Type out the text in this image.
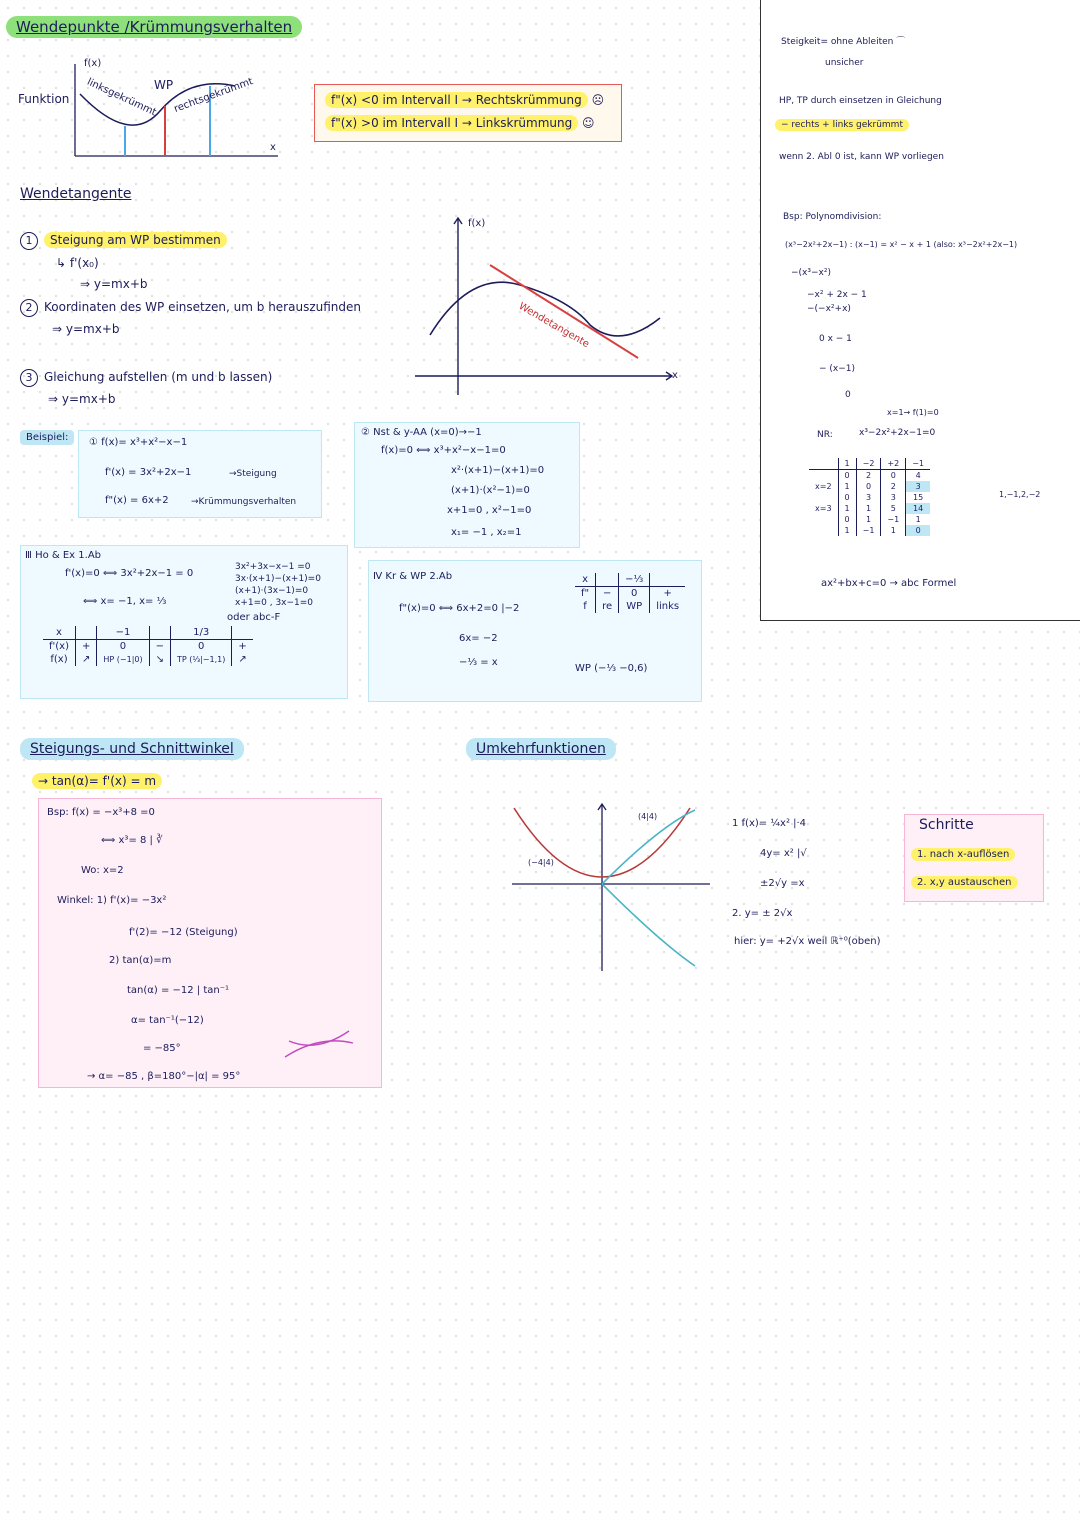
Wendepunkte /Krümmungsverhalten
Funktion
f(x)
WP
linksgekrümmt rechtsgekrümmt
x
f"(x) <0 im Intervall I → Rechtskrümmung ☹
f"(x) >0 im Intervall I → Linkskrümmung ☺
Wendetangente
1 Steigung am WP bestimmen
↳ f'(x₀)
⇒ y=mx+b
2 Koordinaten des WP einsetzen, um b herauszufinden
⇒ y=mx+b
3 Gleichung aufstellen (m und b lassen)
⇒ y=mx+b
f(x)
Wendetangente
x
Beispiel:	① f(x)= x³+x²−x−1
f'(x) = 3x²+2x−1	→Steigung
f"(x) = 6x+2 →Krümmungsverhalten
② Nst & y-AA (x=0)→−1
f(x)=0 ⟺ x³+x²−x−1=0
x²·(x+1)−(x+1)=0
(x+1)·(x²−1)=0
x+1=0 , x²−1=0
x₁= −1 , x₂=1
Ⅲ Ho & Ex 1.Ab
f'(x)=0 ⟺ 3x²+2x−1 = 0
⟺ x= −1, x= ⅓
3x²+3x−x−1 =0
3x·(x+1)−(x+1)=0
(x+1)·(3x−1)=0
x+1=0 , 3x−1=0
oder abc-F
x		−1		1/3	
f'(x)	+	0	−	0	+
f(x)	↗	HP (−1|0)	↘	TP (⅓|−1,1)	↗
Ⅳ Kr & WP 2.Ab
f"(x)=0 ⟺ 6x+2=0 |−2
6x= −2
−⅓ = x
WP (−⅓ −0,6)
x		−⅓	
f"	−	0	+
f	re	WP	links
Steigungs- und Schnittwinkel
→ tan(α)= f'(x) = m
Bsp: f(x) = −x³+8 =0
⟺ x³= 8 | ∛
Wo: x=2
Winkel: 1) f'(x)= −3x²
f'(2)= −12 (Steigung)
2) tan(α)=m
tan(α) = −12 | tan⁻¹
α= tan⁻¹(−12)
= −85°
→ α= −85 , β=180°−|α| = 95°
Umkehrfunktionen
(−4|4)
(4|4)
1 f(x)= ¼x² |·4
4y= x² |√
±2√y =x
2. y= ± 2√x
hier: y= +2√x weil ℝ⁺⁰(oben)
Schritte
1. nach x-auflösen
2. x,y austauschen
Steigkeit= ohne Ableiten ⌒
unsicher
HP, TP durch einsetzen in Gleichung
− rechts + links gekrümmt
wenn 2. Abl 0 ist, kann WP vorliegen
Bsp: Polynomdivision:
(x³−2x²+2x−1) : (x−1) = x² − x + 1 (also: x³−2x²+2x−1)
−(x³−x²)
−x² + 2x − 1
−(−x²+x)
0 x − 1
− (x−1)
0
x=1→ f(1)=0
NR:	x³−2x²+2x−1=0
	1	−2	+2	−1
	0	2	0	4
x=2	1	0	2	3
	0	3	3	15
x=3	1	1	5	14
	0	1	−1	1
	1	−1	1	0
1,−1,2,−2
ax²+bx+c=0 → abc Formel
